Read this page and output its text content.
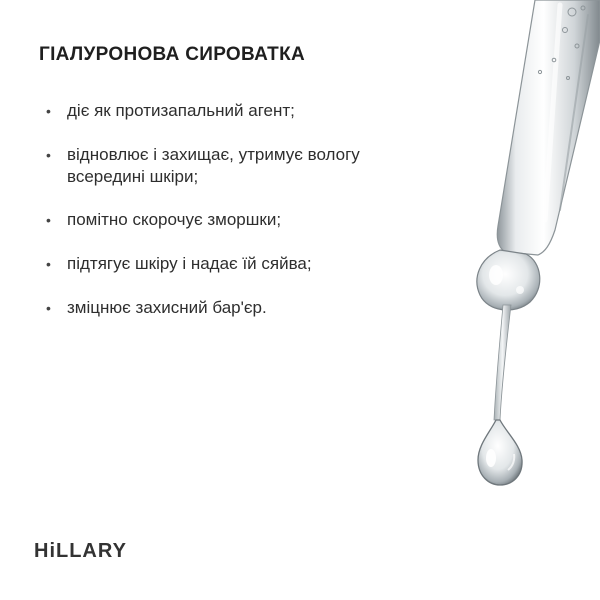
ГІАЛУРОНОВА СИРОВАТКА
• діє як протизапальний агент;
• відновлює і захищає, утримує вологу всередині шкіри;
• помітно скорочує зморшки;
• підтягує шкіру і надає їй сяйва;
• зміцнює захисний бар'єр.
HiLLARY
